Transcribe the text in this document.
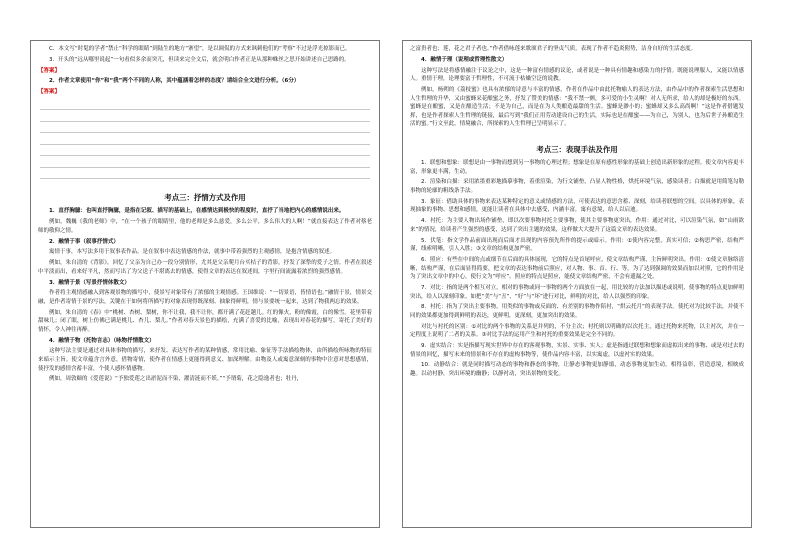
C．本文写“时髦的学者”禁止“科学的眼睛”到陆生的地方“寨望”，是以调侃的方式来讽刺他们的“考察”不过是浮光掠影而已。

3．开头的“远从哪里说起”一句看似多余而突兀，但读来完全文后，就会明白作者正是从那种蛛丝之思开始讲述自己思路的。

【答案】

2．作者文章使用“你”和“我”两个不同的人称，其中蕴涵着怎样的态度？请结合全文进行分析。（6分）

【答案】

考点三：抒情方式及作用

1．直抒胸臆：也叫直抒胸臆，是指在记叙、描写的基础上，在感情达到极快的程度时，直抒了当地把内心的感情说出来。

例如，魏巍《我的老师》中，“在一个孩子的眼睛里，他的老师是多么慈爱，多么公平，多么伟大的人啊！”就直接表达了作者对蔡老师的敬仰之情。

2．融情于事（叙事抒情式）

寓情于事，本写法多用于叙事表作品。是在叙事中表达情感的作法，就事中带着强烈的主观感情，是抱含情感的叙述。

例如，朱自清的《背影》，回忆了父亲为自己办一段分别情形，尤其是父亲爬月台买桔子的背影，抒发了深挚的爱子之情。作者在叙述中平淡而出，看来好平凡，然而写出了为父送子不堪离去的情感，使得文章的表达在叙述间，字里行间流露着浓烈的强烈感情。

3．融情于景（写景抒情体散文）

作者将主观情感融入到客观景物的描写中，使景写对象带有了浓郁的主观情感。王国维说：“一切景语，皆情语也。”融情于景，情景交融，是作者寄情于景的写法，关键在于如何将所描写的对象表现得既深刻、抽象得鲜明，情与景要统一起来，达到了物我两忘的效果。

例如，朱自清的《春》中“桃树、杏树、梨树，你不让我，我不让你，都开满了花赶趟儿。红的像火，粉的像霞，白的像雪。花里带着甜味儿；闭了眼，树上仿佛已满是桃儿、杏儿、梨儿。”作者对春天景色的描绘，充满了喜爱的比喻，表现出对春花的描写，寄托了美好的情怀，令人神往再醉。

4．融情于物（托物言志）（咏物抒情散文）

这种写法主要是通过对具体事物的描写，来抒发、表达写作者的某种情感，常用比喻、象征等手法描绘物体，由所描绘所咏物的特征来暗示主旨。使文章蕴含言外意，借物寄情，使作者在情感上更能得到意义、加深理解。由物及人或寓意深刻的事物中注意对思想感情，使抒发的感情含蓄丰富，个使人感怀情感物。

例如，周敦颐的《爱莲说》“予独爱莲之出淤泥而不染，濯清涟而不妖。”“予谓菊，花之隐逸者也；牡丹，

之富贵者也；莲，花之君子者也。”作者借咏莲来歌颂君子的坚贞气质，表现了作者不趋炎附势，洁身自好的生活态度。

4．融情于理（说理或哲理性散文）

这种写法是将感情融注于议论之中，这是一种富有情感的议论，或者说是一种具有情趣和感染力的抒情。既能说理服人，又能以情感人。重情于理，论理要富于哲理性，不可流于枯燥空泛的说教。

例如，杨朔的《荔枝蜜》也具有浓郁的诗意与丰富的情感，作者在作品中由此托物喻人的表达方法，由作品中的作者探索生活思想和人生哲理的升华，又由蜜蜂采花酿蜜之务，抒发了赞美的情感：“我不禁一颤，多可爱的小生灵啊！对人无所求，给人的却是极好的东西。蜜蜂是在酿蜜，又是在酿造生活；不是为自己，而是在为人类酿造最甜的生活。蜜蜂是渺小的；蜜蜂却又多么高尚啊！”这是作者借题发挥，也是作者探索人生哲理的链接，最后写到“我们正用劳动建设自己的生活，实际也是在酿蜜——为自己，为别人，也为后世子孙酿造生活的蜜。”行文至此，情境融合，所探索的人生哲理已呈明显示了。

考点三：表现手法及作用

1．联想和想象：联想是由一事物而想到另一事物的心理过程；想象是在原有感性形象的基础上创造出新形象的过程。使文章内容更丰富，形象更丰满，生动。

2．渲染和白描：采用浓墨重彩地描摹事物，着重渲染，为行文铺垫，凸显人物性格，烘托环境气氛，感染读者；白描就是用简笔勾勒事物的轮廓的粗线条手法。

3．象征：借助具体的事物来表达某种特定的意义或情感的方法，可使表达的意思含蓄、深刻，给读者联想的空间。以具体的形象，表现抽象的事物、思想和感情，更能让读者在具体中去感受，内涵丰富，寓有意境，给人以启迪。

4．衬托：为主要人物出场作铺垫，即以次要事物衬托主要事物，使其主要事物更突出，作用：通过对比，可以渲染气氛，如“山雨欲来”的情况，给读者产生强烈的感受，达到了突出主题的效果，这样做大大提升了这篇文章的表达效果。

5．伏笔：指文学作品前面出现而后面才出现的内容预先所作的提示或暗示。作用：①使内容完整，真实可信；②构思严密，结构严谨，线索明晰，引人入胜；③文章的结构更加严密。

6．照应：有些在中间的点或细节在后面的具体展现，它的特点是首尾呼应，使文章结构严谨，主旨鲜明突出。作用：①使文章脉络清晰，结构严谨，在后面显得简要，把文章的表达事物前后照应，对人物、事、首、行、等，为了达到强调的效果而加以对照，它的作用是为了突出文章中的中心，使行文为“呼应”。照应的特点是照应，能使文章结构严密，不会有遗漏之处。

7．对比：指的是两个相互对立，相对的事物或同一事物的两个方面放在一起，用比较的方法加以描述或说明，使事物的特点更加鲜明突出，给人以深刻印象。如把“美”与“丑”、“好”与“坏”进行对比，鲜明的对比，给人以强烈的印象。

8．衬托：指为了突出主要事物，用类似的事物或反面的、有差别的事物作陪衬，“烘云托月”的表现手法。使托对为比较手法，并使不同的效果都更加得到鲜明的表达，更鲜明，更深刻，更加突出的效果。

对比与衬托的区别：①对比的两个事物的关系是并列的，不分主次；衬托则以明确的以次托主，通过托物来托物，以主衬次，并在一定程度上说明了二者的关系。③对比手法的运用产生和衬托的重要效果是完全不同的。

9．虚实结合：实是指描写现实世界中存在的客观事物，实景、实事、实人；虚是指通过联想和想象而虚拟出来的事物、或是对过去的情景的回忆，描写未来的情景和不存在的虚构事物等，使作品内容丰富，以实寓虚，以虚衬实的效果。

10．动静结合：就是同时描写动态的事物和静态的事物，让静态事物更加静谧，动态事物更加生动，相得益彰，营造意境，相映成趣。以动衬静，突出环境的幽静；以静衬动，突出景物的变化。
